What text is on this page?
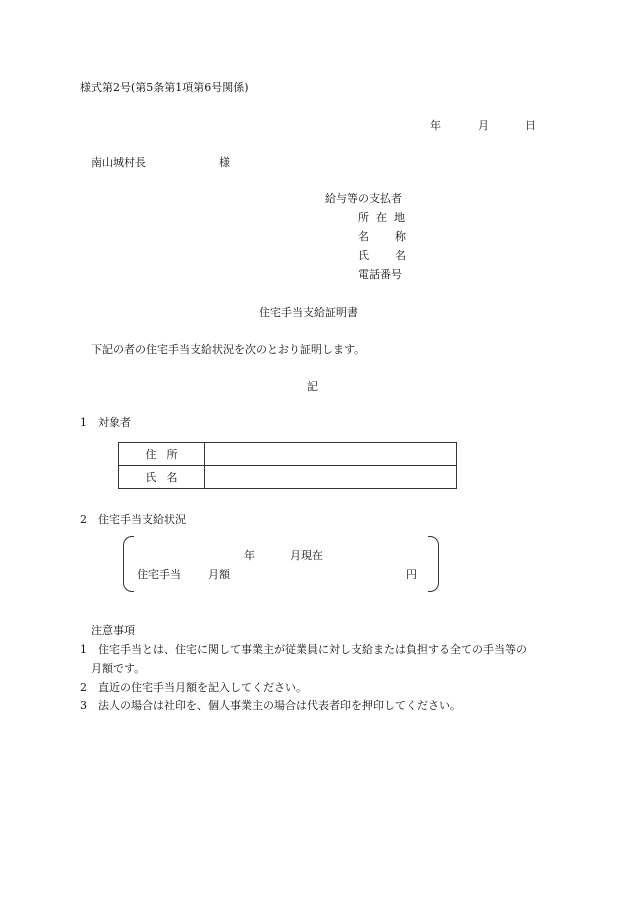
様式第2号(第5条第1項第6号関係)
年	月	日
南山城村長	様
給与等の支払者
所 在 地
名 称
氏 名
電話番号
住宅手当支給証明書
下記の者の住宅手当支給状況を次のとおり証明します。
記
1　対象者
住所	
氏名	
2　住宅手当支給状況
年	月現在
住宅手当 月額	円
注意事項
1　住宅手当とは、住宅に関して事業主が従業員に対し支給または負担する全ての手当等の
月額です。
2　直近の住宅手当月額を記入してください。
3　法人の場合は社印を、個人事業主の場合は代表者印を押印してください。
